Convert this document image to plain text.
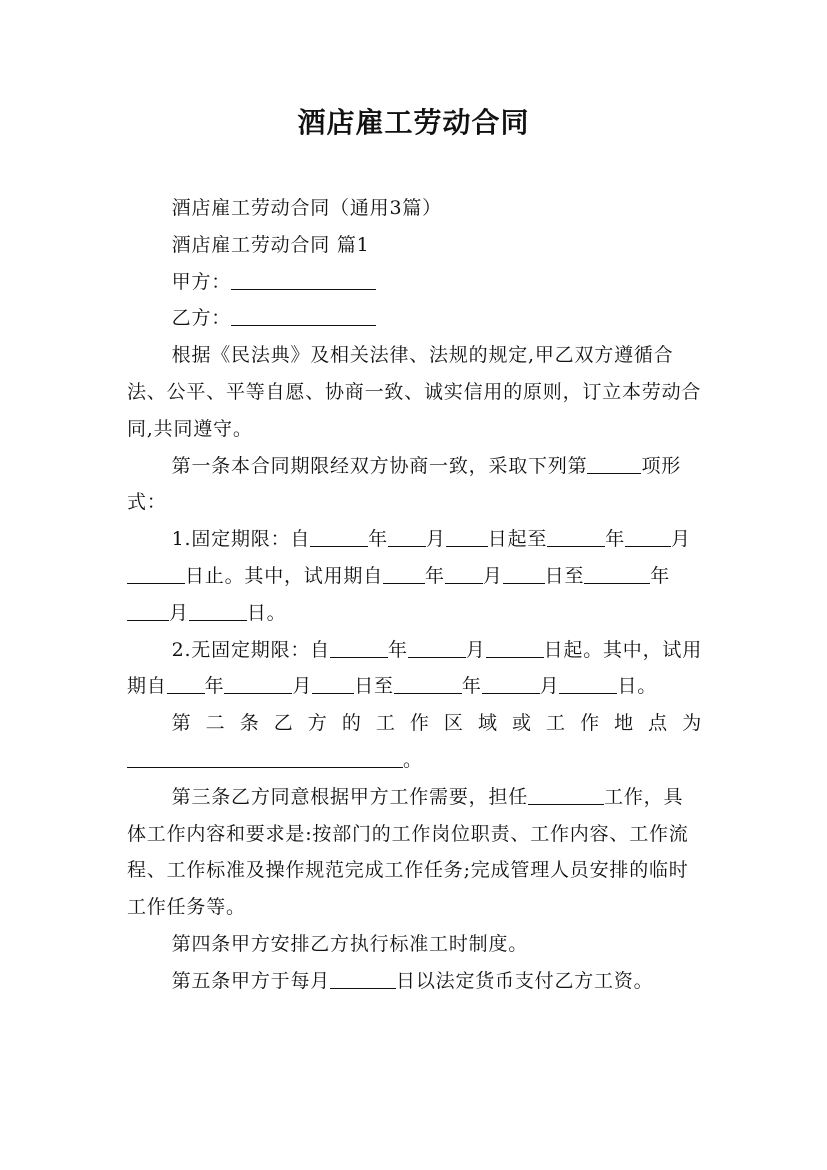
酒店雇工劳动合同

酒店雇工劳动合同（通用3篇）

酒店雇工劳动合同 篇1

甲方：

乙方：

根据《民法典》及相关法律、法规的规定,甲乙双方遵循合法、公平、平等自愿、协商一致、诚实信用的原则，订立本劳动合同,共同遵守。

第一条本合同期限经双方协商一致，采取下列第	项形式：

1.固定期限：自	年 月 日起至	年 月日止。其中，试用期自 年 月 日至	年月	日。

2.无固定期限：自	年	月	日起。其中，试用期自 年	月 日至	年	月	日。

第二条乙方的工作区域或工作地点为

。

第三条乙方同意根据甲方工作需要，担任	工作，具体工作内容和要求是:按部门的工作岗位职责、工作内容、工作流程、工作标准及操作规范完成工作任务;完成管理人员安排的临时工作任务等。

第四条甲方安排乙方执行标准工时制度。

第五条甲方于每月	日以法定货币支付乙方工资。
